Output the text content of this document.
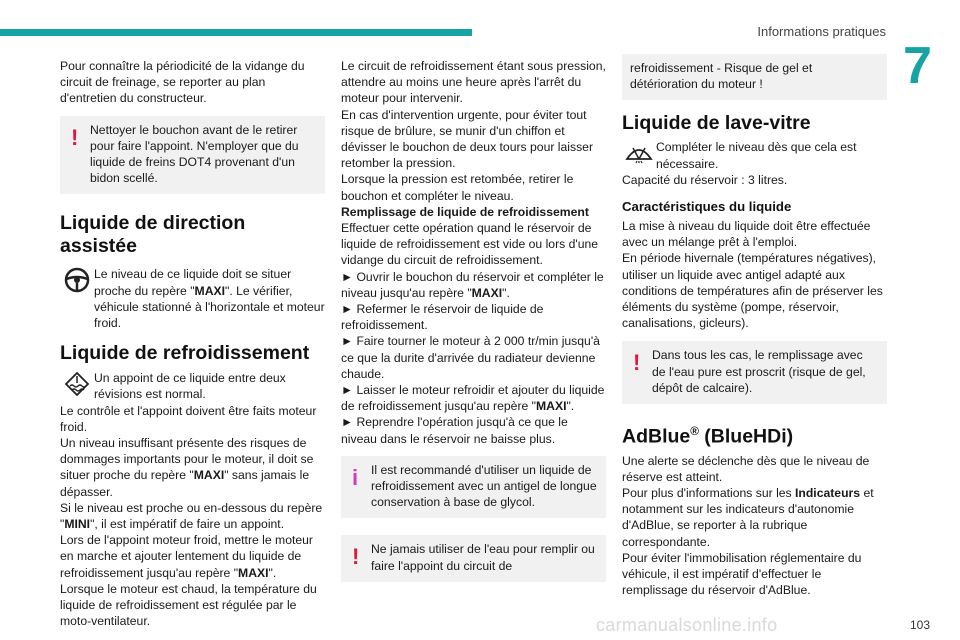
Informations pratiques
7

Pour connaître la périodicité de la vidange du circuit de freinage, se reporter au plan d'entretien du constructeur.

! Nettoyer le bouchon avant de le retirer pour faire l'appoint. N'employer que du liquide de freins DOT4 provenant d'un bidon scellé.

Liquide de direction assistée

Le niveau de ce liquide doit se situer proche du repère "MAXI". Le vérifier, véhicule stationné à l'horizontale et moteur froid.

Liquide de refroidissement

Un appoint de ce liquide entre deux révisions est normal.

Le contrôle et l'appoint doivent être faits moteur froid.

Un niveau insuffisant présente des risques de dommages importants pour le moteur, il doit se situer proche du repère "MAXI" sans jamais le dépasser.

Si le niveau est proche ou en-dessous du repère "MINI", il est impératif de faire un appoint.

Lors de l'appoint moteur froid, mettre le moteur en marche et ajouter lentement du liquide de refroidissement jusqu'au repère "MAXI".

Lorsque le moteur est chaud, la température du liquide de refroidissement est régulée par le moto-ventilateur.

Le circuit de refroidissement étant sous pression, attendre au moins une heure après l'arrêt du moteur pour intervenir.

En cas d'intervention urgente, pour éviter tout risque de brûlure, se munir d'un chiffon et dévisser le bouchon de deux tours pour laisser retomber la pression.

Lorsque la pression est retombée, retirer le bouchon et compléter le niveau.

Remplissage de liquide de refroidissement

Effectuer cette opération quand le réservoir de liquide de refroidissement est vide ou lors d'une vidange du circuit de refroidissement.

► Ouvrir le bouchon du réservoir et compléter le niveau jusqu'au repère "MAXI".

► Refermer le réservoir de liquide de refroidissement.

► Faire tourner le moteur à 2 000 tr/min jusqu'à ce que la durite d'arrivée du radiateur devienne chaude.

► Laisser le moteur refroidir et ajouter du liquide de refroidissement jusqu'au repère "MAXI".

► Reprendre l'opération jusqu'à ce que le niveau dans le réservoir ne baisse plus.

i	Il est recommandé d'utiliser un liquide de refroidissement avec un antigel de longue conservation à base de glycol.

! Ne jamais utiliser de l'eau pour remplir ou faire l'appoint du circuit de

refroidissement - Risque de gel et détérioration du moteur !

Liquide de lave-vitre

Compléter le niveau dès que cela est nécessaire.

Capacité du réservoir : 3 litres.

Caractéristiques du liquide

La mise à niveau du liquide doit être effectuée avec un mélange prêt à l'emploi.

En période hivernale (températures négatives), utiliser un liquide avec antigel adapté aux conditions de températures afin de préserver les éléments du système (pompe, réservoir, canalisations, gicleurs).

! Dans tous les cas, le remplissage avec de l'eau pure est proscrit (risque de gel, dépôt de calcaire).

AdBlue® (BlueHDi)

Une alerte se déclenche dès que le niveau de réserve est atteint.

Pour plus d'informations sur les Indicateurs et notamment sur les indicateurs d'autonomie d'AdBlue, se reporter à la rubrique correspondante.

Pour éviter l'immobilisation réglementaire du véhicule, il est impératif d'effectuer le remplissage du réservoir d'AdBlue.

carmanualsonline.info	103
